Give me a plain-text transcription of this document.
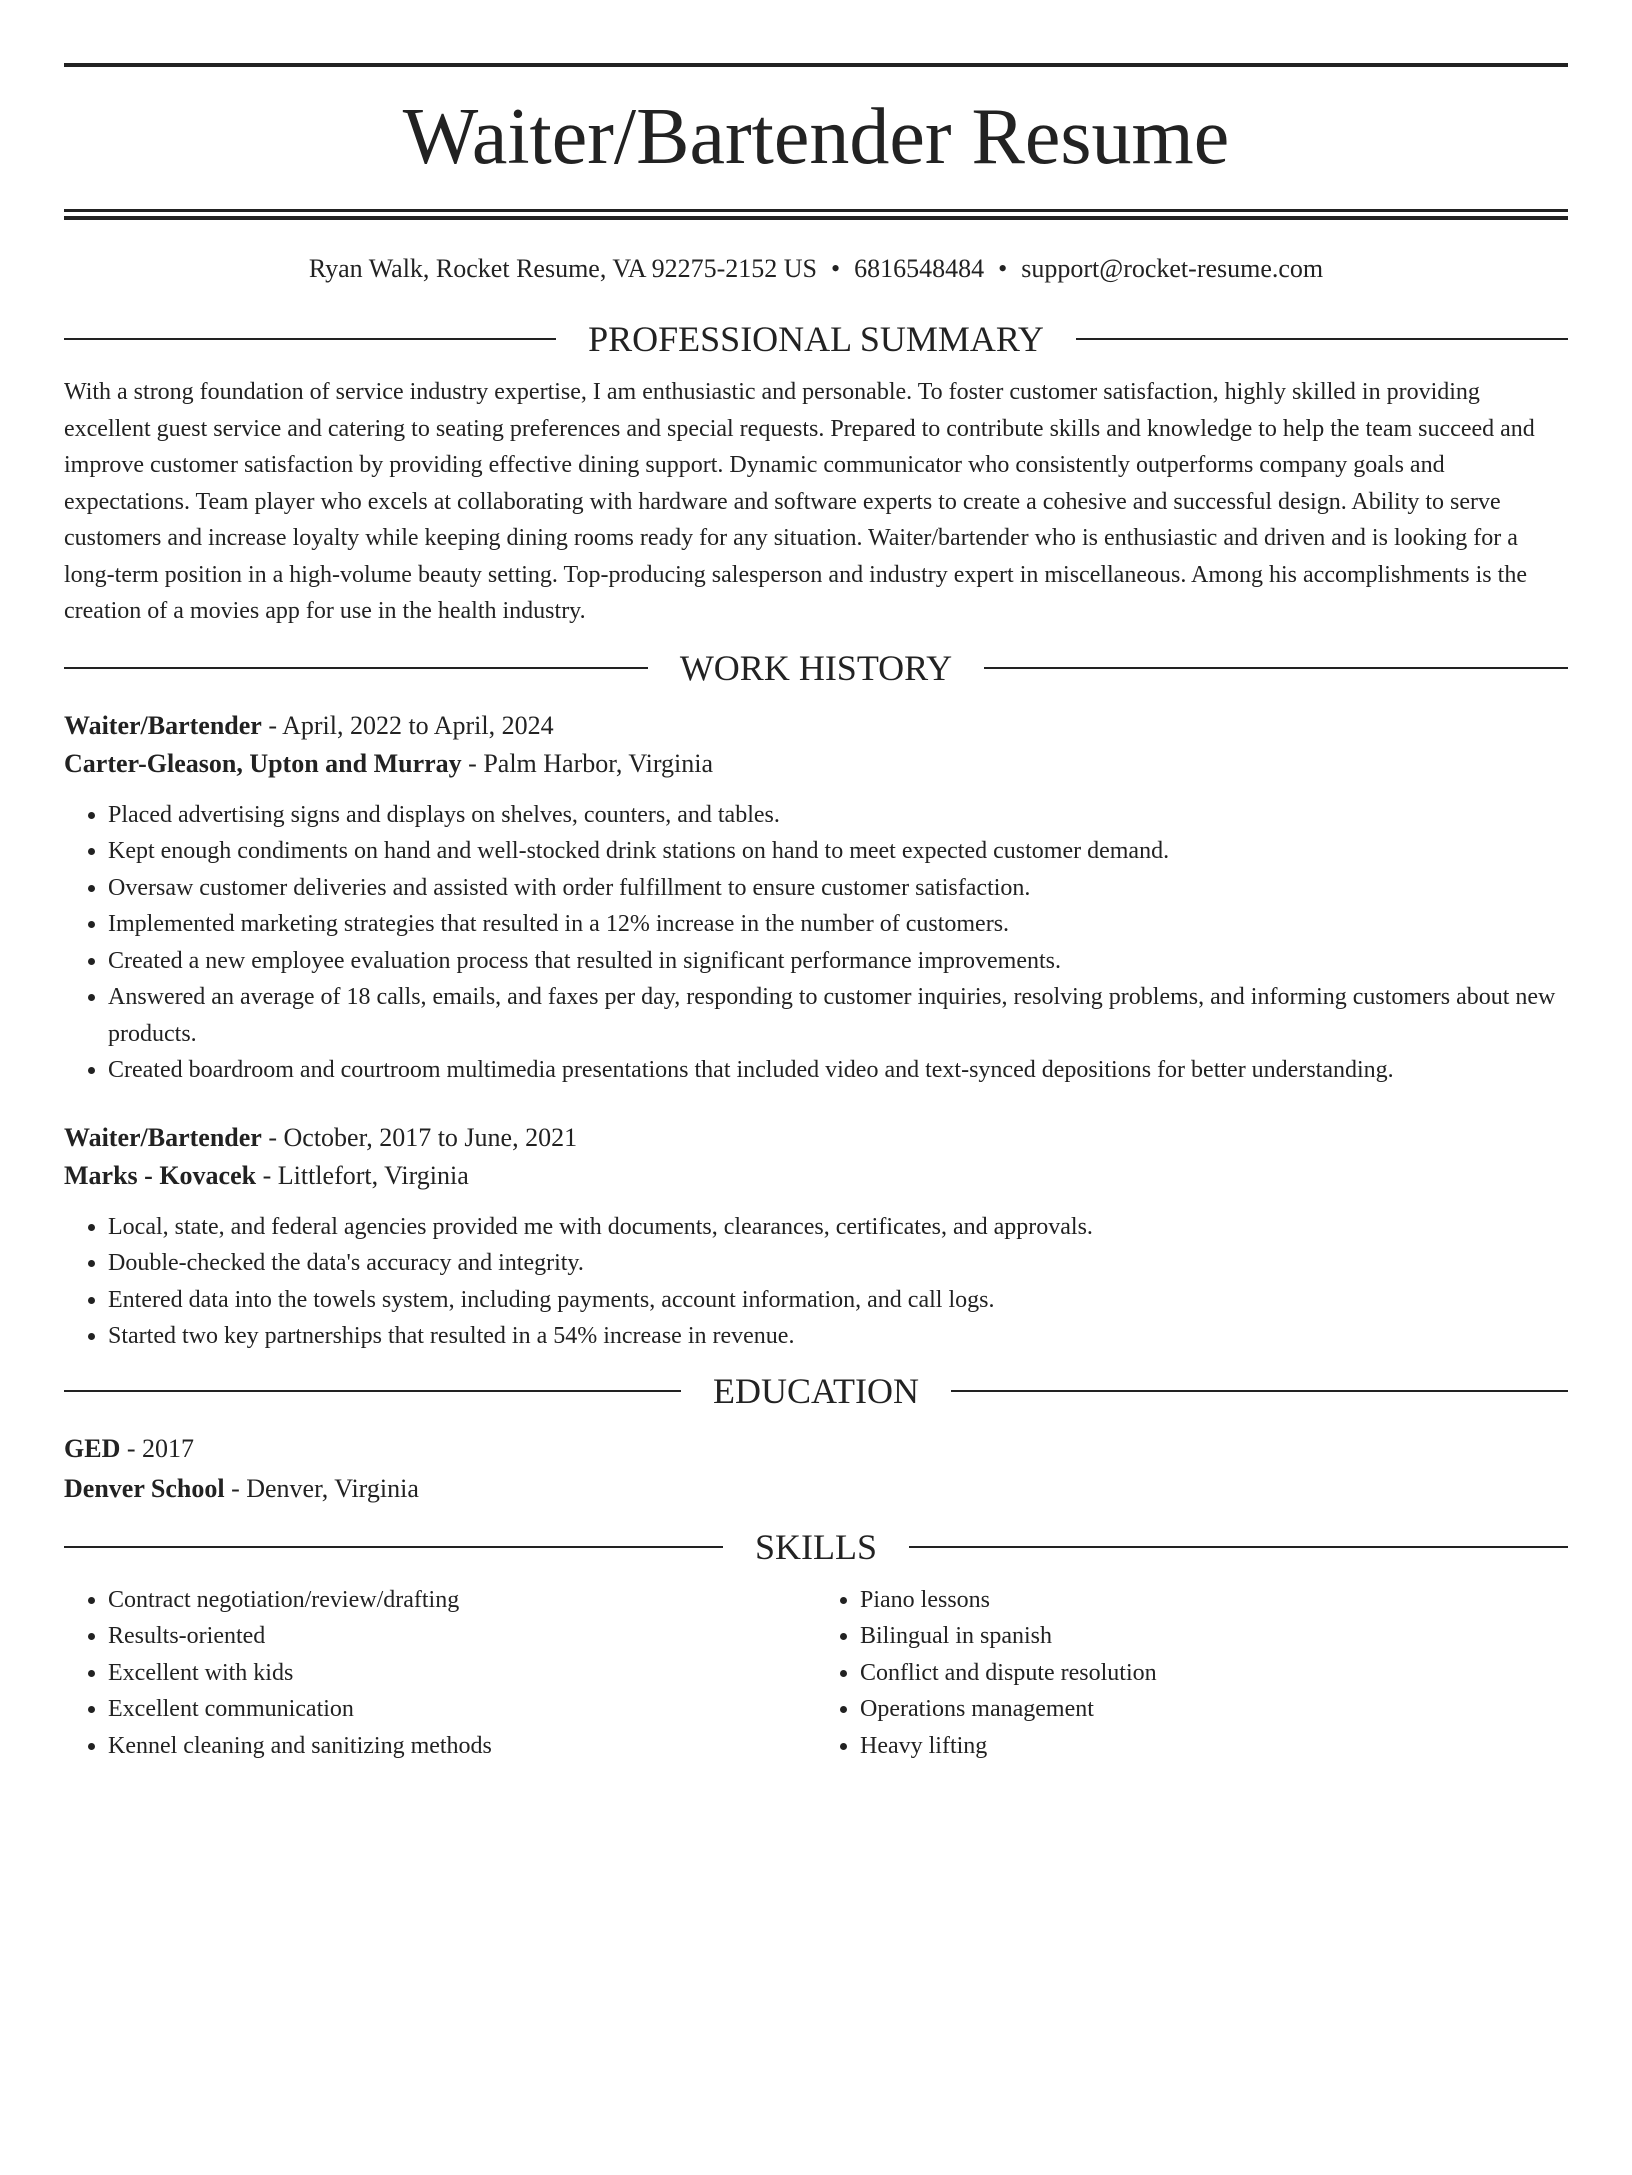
Waiter/Bartender Resume
Ryan Walk, Rocket Resume, VA 92275-2152 US • 6816548484 • support@rocket-resume.com
PROFESSIONAL SUMMARY

With a strong foundation of service industry expertise, I am enthusiastic and personable. To foster customer satisfaction, highly skilled in providing excellent guest service and catering to seating preferences and special requests. Prepared to contribute skills and knowledge to help the team succeed and improve customer satisfaction by providing effective dining support. Dynamic communicator who consistently outperforms company goals and expectations. Team player who excels at collaborating with hardware and software experts to create a cohesive and successful design. Ability to serve customers and increase loyalty while keeping dining rooms ready for any situation. Waiter/bartender who is enthusiastic and driven and is looking for a long-term position in a high-volume beauty setting. Top-producing salesperson and industry expert in miscellaneous. Among his accomplishments is the creation of a movies app for use in the health industry.

WORK HISTORY
Waiter/Bartender - April, 2022 to April, 2024
Carter-Gleason, Upton and Murray - Palm Harbor, Virginia
• Placed advertising signs and displays on shelves, counters, and tables.
• Kept enough condiments on hand and well-stocked drink stations on hand to meet expected customer demand.
• Oversaw customer deliveries and assisted with order fulfillment to ensure customer satisfaction.
• Implemented marketing strategies that resulted in a 12% increase in the number of customers.
• Created a new employee evaluation process that resulted in significant performance improvements.
• Answered an average of 18 calls, emails, and faxes per day, responding to customer inquiries, resolving problems, and informing customers about new products.
• Created boardroom and courtroom multimedia presentations that included video and text-synced depositions for better understanding.
Waiter/Bartender - October, 2017 to June, 2021
Marks - Kovacek - Littlefort, Virginia
• Local, state, and federal agencies provided me with documents, clearances, certificates, and approvals.
• Double-checked the data's accuracy and integrity.
• Entered data into the towels system, including payments, account information, and call logs.
• Started two key partnerships that resulted in a 54% increase in revenue.
EDUCATION
GED - 2017
Denver School - Denver, Virginia
SKILLS
• Contract negotiation/review/drafting
• Results-oriented
• Excellent with kids
• Excellent communication
• Kennel cleaning and sanitizing methods
• Piano lessons
• Bilingual in spanish
• Conflict and dispute resolution
• Operations management
• Heavy lifting
